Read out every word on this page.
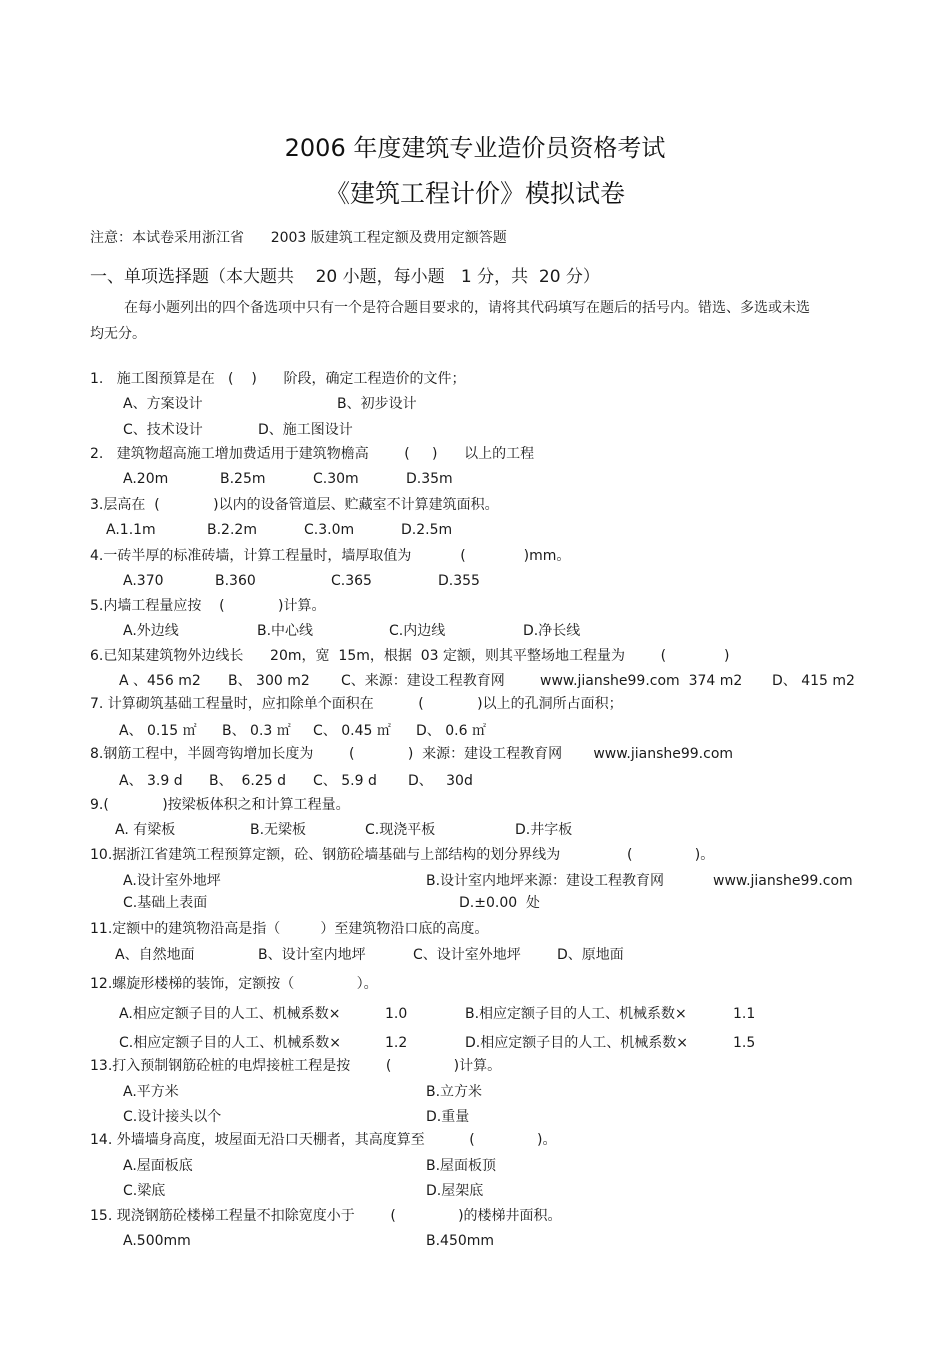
2006 年度建筑专业造价员资格考试
《建筑工程计价》模拟试卷
注意：本试卷采用浙江省      2003 版建筑工程定额及费用定额答题
一、单项选择题（本大题共    20 小题，每小题   1 分，共  20 分）
在每小题列出的四个备选项中只有一个是符合题目要求的，请将其代码填写在题后的括号内。错选、多选或未选均无分。
1.   施工图预算是在   (    )      阶段，确定工程造价的文件；
A、方案设计	B、初步设计
C、技术设计	D、施工图设计
2.   建筑物超高施工增加费适用于建筑物檐高        (     )      以上的工程
A.20m	B.25m	C.30m	D.35m
3.层高在  (            )以内的设备管道层、贮藏室不计算建筑面积。
A.1.1m	B.2.2m	C.3.0m	D.2.5m
4.一砖半厚的标准砖墙，计算工程量时，墙厚取值为           (             )mm。
A.370	B.360	C.365	D.355
5.内墙工程量应按    (            )计算。
A.外边线	B.中心线	C.内边线	D.净长线
6.已知某建筑物外边线长      20m，宽  15m，根据  03 定额，则其平整场地工程量为        (             )
A 、456 m2 B、 300 m2 C、来源：建设工程教育网	www.jianshe99.com  374 m2 D、 415 m2
7. 计算砌筑基础工程量时，应扣除单个面积在          (            )以上的孔洞所占面积；
A、 0.15 ㎡ B、 0.3 ㎡ C、 0.45 ㎡ D、 0.6 ㎡
8.钢筋工程中，半圆弯钩增加长度为        (            )  来源：建设工程教育网       www.jianshe99.com
A、 3.9 d B、  6.25 d C、 5.9 d D、   30d
9.(            )按梁板体积之和计算工程量。
A. 有梁板	B.无梁板	C.现浇平板	D.井字板
10.据浙江省建筑工程预算定额，砼、钢筋砼墙基础与上部结构的划分界线为               (              )。
A.设计室外地坪	B.设计室内地坪来源：建设工程教育网	www.jianshe99.com
C.基础上表面	D.±0.00  处
11.定额中的建筑物沿高是指（         ）至建筑物沿口底的高度。
A、自然地面	B、设计室内地坪	C、设计室外地坪	D、原地面
12.螺旋形楼梯的装饰，定额按（              ）。
A.相应定额子目的人工、机械系数×	1.0	B.相应定额子目的人工、机械系数×	1.1
C.相应定额子目的人工、机械系数×	1.2	D.相应定额子目的人工、机械系数×	1.5
13.打入预制钢筋砼桩的电焊接桩工程是按        (              )计算。
A.平方米	B.立方米
C.设计接头以个	D.重量
14. 外墙墙身高度，坡屋面无沿口天棚者，其高度算至          (              )。
A.屋面板底	B.屋面板顶
C.梁底	D.屋架底
15. 现浇钢筋砼楼梯工程量不扣除宽度小于        (              )的楼梯井面积。
A.500mm	B.450mm
